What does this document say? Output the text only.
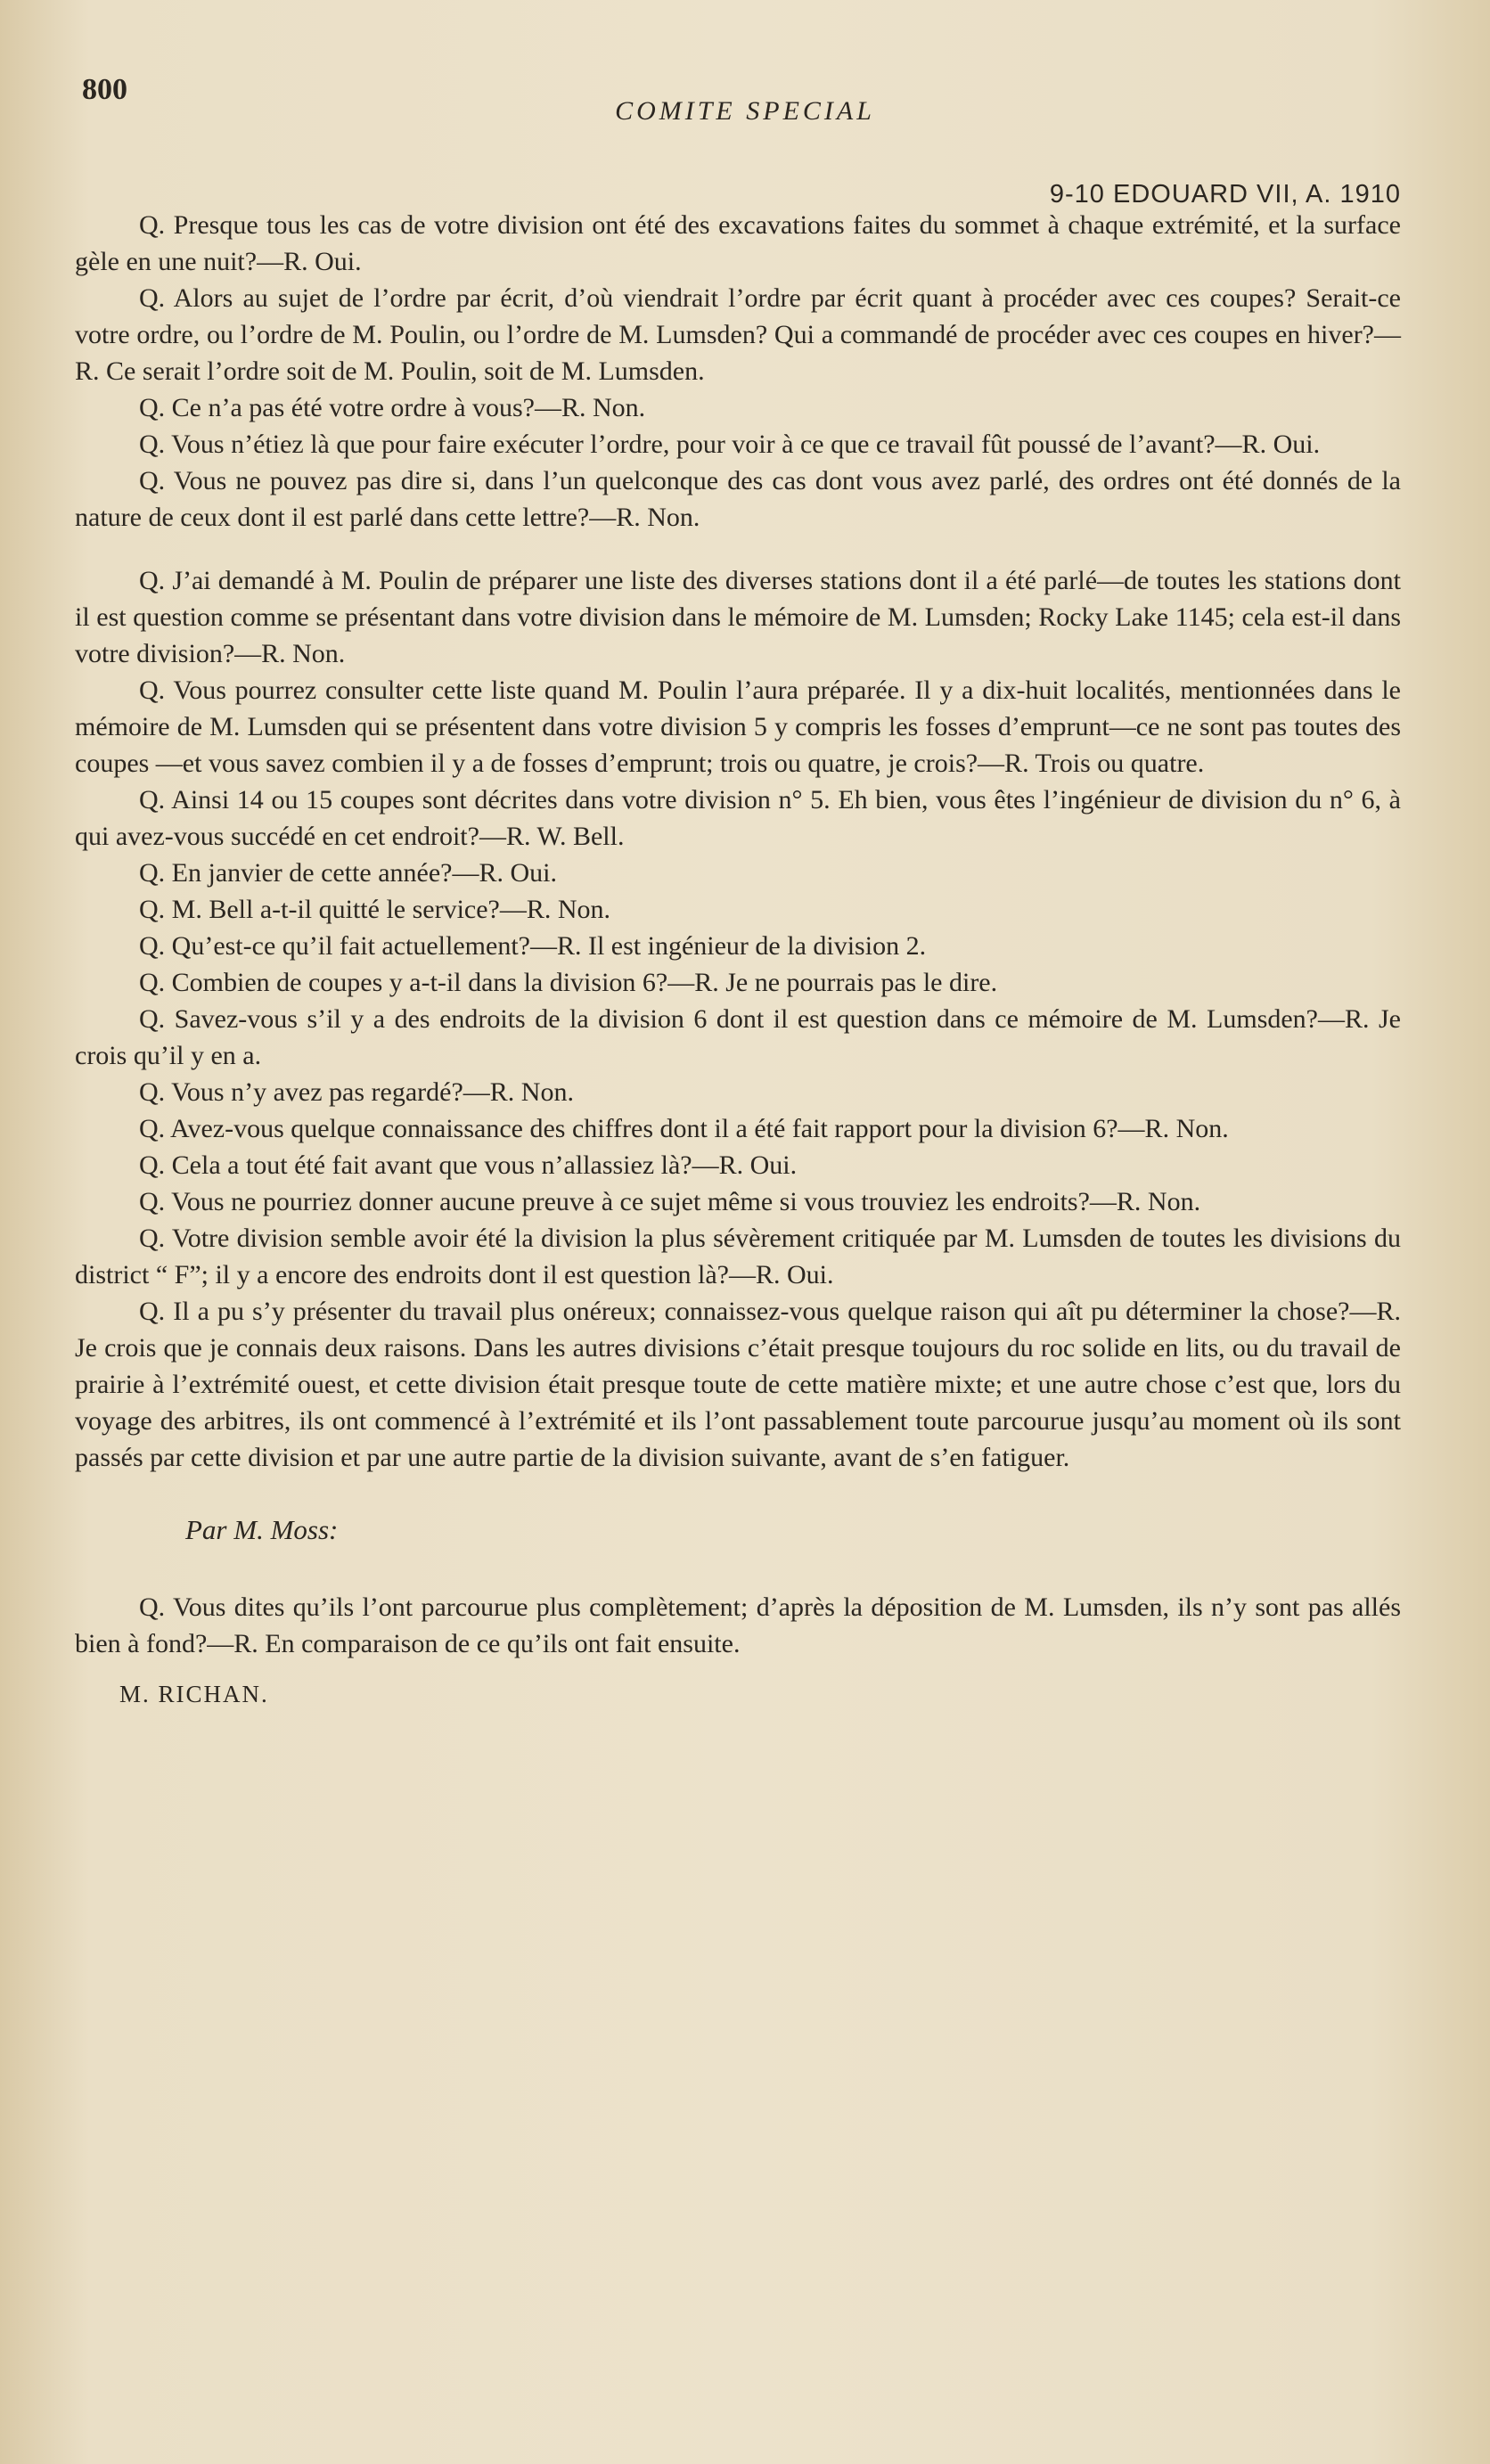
800
COMITE SPECIAL
9-10 EDOUARD VII, A. 1910

Q. Presque tous les cas de votre division ont été des excavations faites du sommet à chaque extrémité, et la surface gèle en une nuit?—R. Oui.

Q. Alors au sujet de l’ordre par écrit, d’où viendrait l’ordre par écrit quant à procéder avec ces coupes? Serait-ce votre ordre, ou l’ordre de M. Poulin, ou l’ordre de M. Lumsden? Qui a commandé de procéder avec ces coupes en hiver?—R. Ce serait l’ordre soit de M. Poulin, soit de M. Lumsden.

Q. Ce n’a pas été votre ordre à vous?—R. Non.

Q. Vous n’étiez là que pour faire exécuter l’ordre, pour voir à ce que ce travail fût poussé de l’avant?—R. Oui.

Q. Vous ne pouvez pas dire si, dans l’un quelconque des cas dont vous avez parlé, des ordres ont été donnés de la nature de ceux dont il est parlé dans cette lettre?—R. Non.

Q. J’ai demandé à M. Poulin de préparer une liste des diverses stations dont il a été parlé—de toutes les stations dont il est question comme se présentant dans votre division dans le mémoire de M. Lumsden; Rocky Lake 1145; cela est-il dans votre division?—R. Non.

Q. Vous pourrez consulter cette liste quand M. Poulin l’aura préparée. Il y a dix-huit localités, mentionnées dans le mémoire de M. Lumsden qui se présentent dans votre division 5 y compris les fosses d’emprunt—ce ne sont pas toutes des coupes —et vous savez combien il y a de fosses d’emprunt; trois ou quatre, je crois?—R. Trois ou quatre.

Q. Ainsi 14 ou 15 coupes sont décrites dans votre division n° 5. Eh bien, vous êtes l’ingénieur de division du n° 6, à qui avez-vous succédé en cet endroit?—R. W. Bell.

Q. En janvier de cette année?—R. Oui.

Q. M. Bell a-t-il quitté le service?—R. Non.

Q. Qu’est-ce qu’il fait actuellement?—R. Il est ingénieur de la division 2.

Q. Combien de coupes y a-t-il dans la division 6?—R. Je ne pourrais pas le dire.

Q. Savez-vous s’il y a des endroits de la division 6 dont il est question dans ce mémoire de M. Lumsden?—R. Je crois qu’il y en a.

Q. Vous n’y avez pas regardé?—R. Non.

Q. Avez-vous quelque connaissance des chiffres dont il a été fait rapport pour la division 6?—R. Non.

Q. Cela a tout été fait avant que vous n’allassiez là?—R. Oui.

Q. Vous ne pourriez donner aucune preuve à ce sujet même si vous trouviez les endroits?—R. Non.

Q. Votre division semble avoir été la division la plus sévèrement critiquée par M. Lumsden de toutes les divisions du district “ F”; il y a encore des endroits dont il est question là?—R. Oui.

Q. Il a pu s’y présenter du travail plus onéreux; connaissez-vous quelque raison qui aît pu déterminer la chose?—R. Je crois que je connais deux raisons. Dans les autres divisions c’était presque toujours du roc solide en lits, ou du travail de prairie à l’extrémité ouest, et cette division était presque toute de cette matière mixte; et une autre chose c’est que, lors du voyage des arbitres, ils ont commencé à l’extrémité et ils l’ont passablement toute parcourue jusqu’au moment où ils sont passés par cette division et par une autre partie de la division suivante, avant de s’en fatiguer.

Par M. Moss:

Q. Vous dites qu’ils l’ont parcourue plus complètement; d’après la déposition de M. Lumsden, ils n’y sont pas allés bien à fond?—R. En comparaison de ce qu’ils ont fait ensuite.

M. RICHAN.
